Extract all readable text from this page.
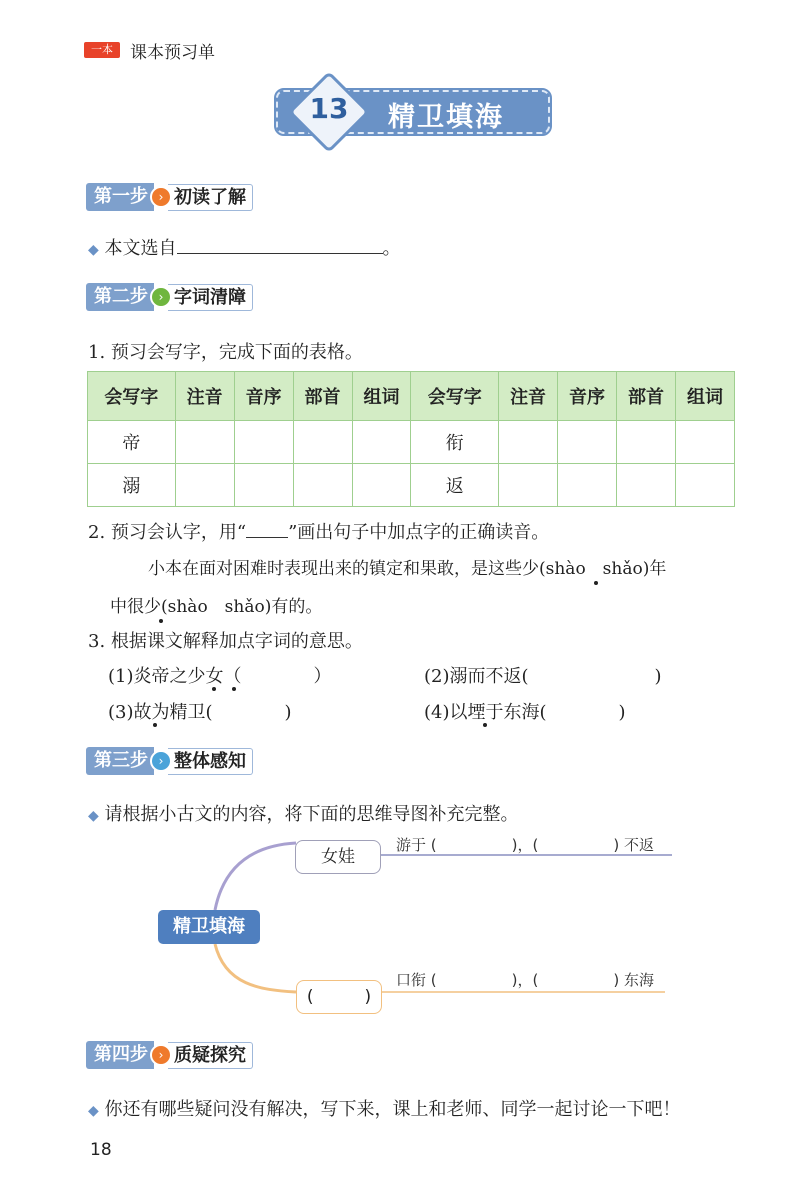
一本	课本预习单
13	精卫填海
第一步 › 初读了解
◆ 本文选自	。
第二步 › 字词清障
1. 预习会写字，完成下面的表格。
会写字	注音	音序	部首	组词	会写字	注音	音序	部首	组词
帝					衔				
溺					返				
2. 预习会认字，用“ ”画出句子中加点字的正确读音。
小本在面对困难时表现出来的镇定和果敢，是这些少(shào　shǎo)年
中很少(shào　shǎo)有的。
3. 根据课文解释加点字词的意思。
(1)炎帝之少女（　　　　）	(2)溺而不返(　　　　　　　)
(3)故为精卫(　　　　)	(4)以堙于东海(　　　　)
第三步 › 整体感知
◆ 请根据小古文的内容，将下面的思维导图补充完整。
精卫填海
女娃
游于 (　　　　　)，(　　　　　) 不返
(　　　)
口衔 (　　　　　)，(　　　　　) 东海
第四步 › 质疑探究
◆ 你还有哪些疑问没有解决，写下来，课上和老师、同学一起讨论一下吧！
18
